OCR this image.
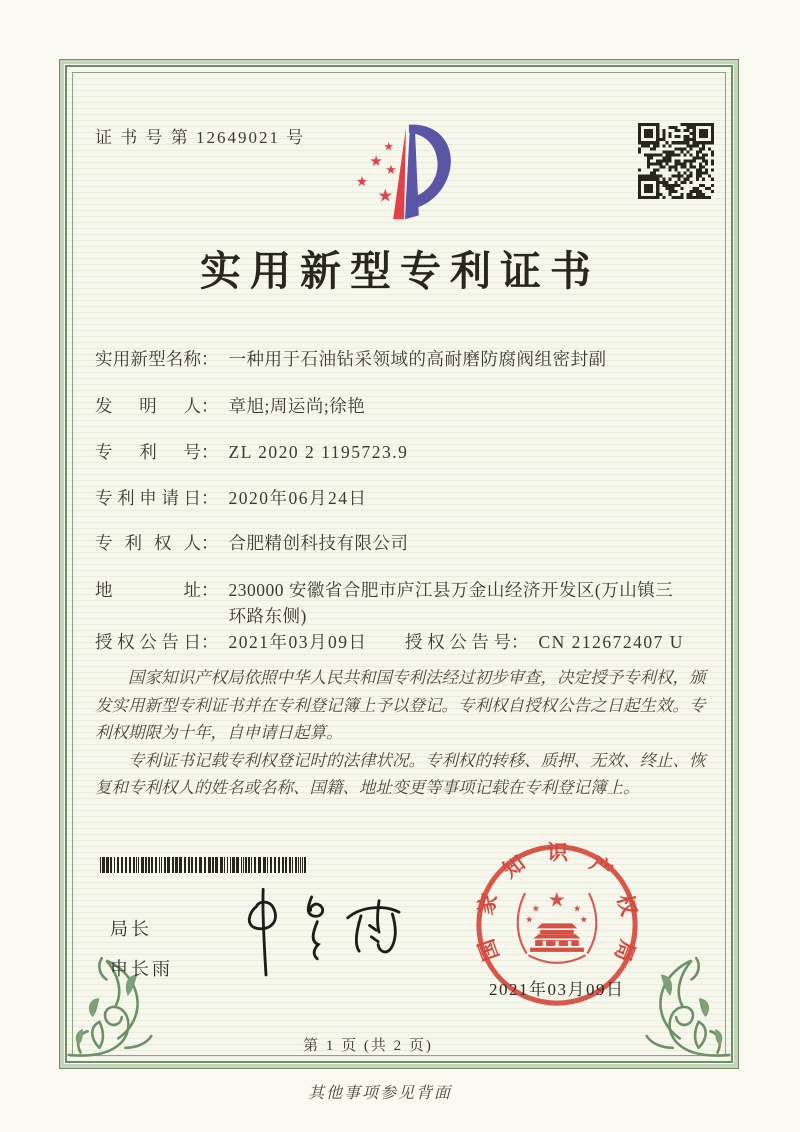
证 书 号 第 12649021 号	★
★
★
★
★
实用新型专利证书
实用新型名称： 一种用于石油钻采领域的高耐磨防腐阀组密封副
发明人： 章旭;周运尚;徐艳
专利号： ZL 2020 2 1195723.9
专利申请日： 2020年06月24日
专利权人： 合肥精创科技有限公司
地址： 230000 安徽省合肥市庐江县万金山经济开发区(万山镇三环路东侧)
授权公告日： 2021年03月09日 授权公告号： CN 212672407 U

国家知识产权局依照中华人民共和国专利法经过初步审查，决定授予专利权，颁发实用新型专利证书并在专利登记簿上予以登记。专利权自授权公告之日起生效。专利权期限为十年，自申请日起算。

专利证书记载专利权登记时的法律状况。专利权的转移、质押、无效、终止、恢复和专利权人的姓名或名称、国籍、地址变更等事项记载在专利登记簿上。

局长
申长雨
国家知识产权局
★
★	★
★	★
2021年03月09日
第 1 页 (共 2 页)
其他事项参见背面
